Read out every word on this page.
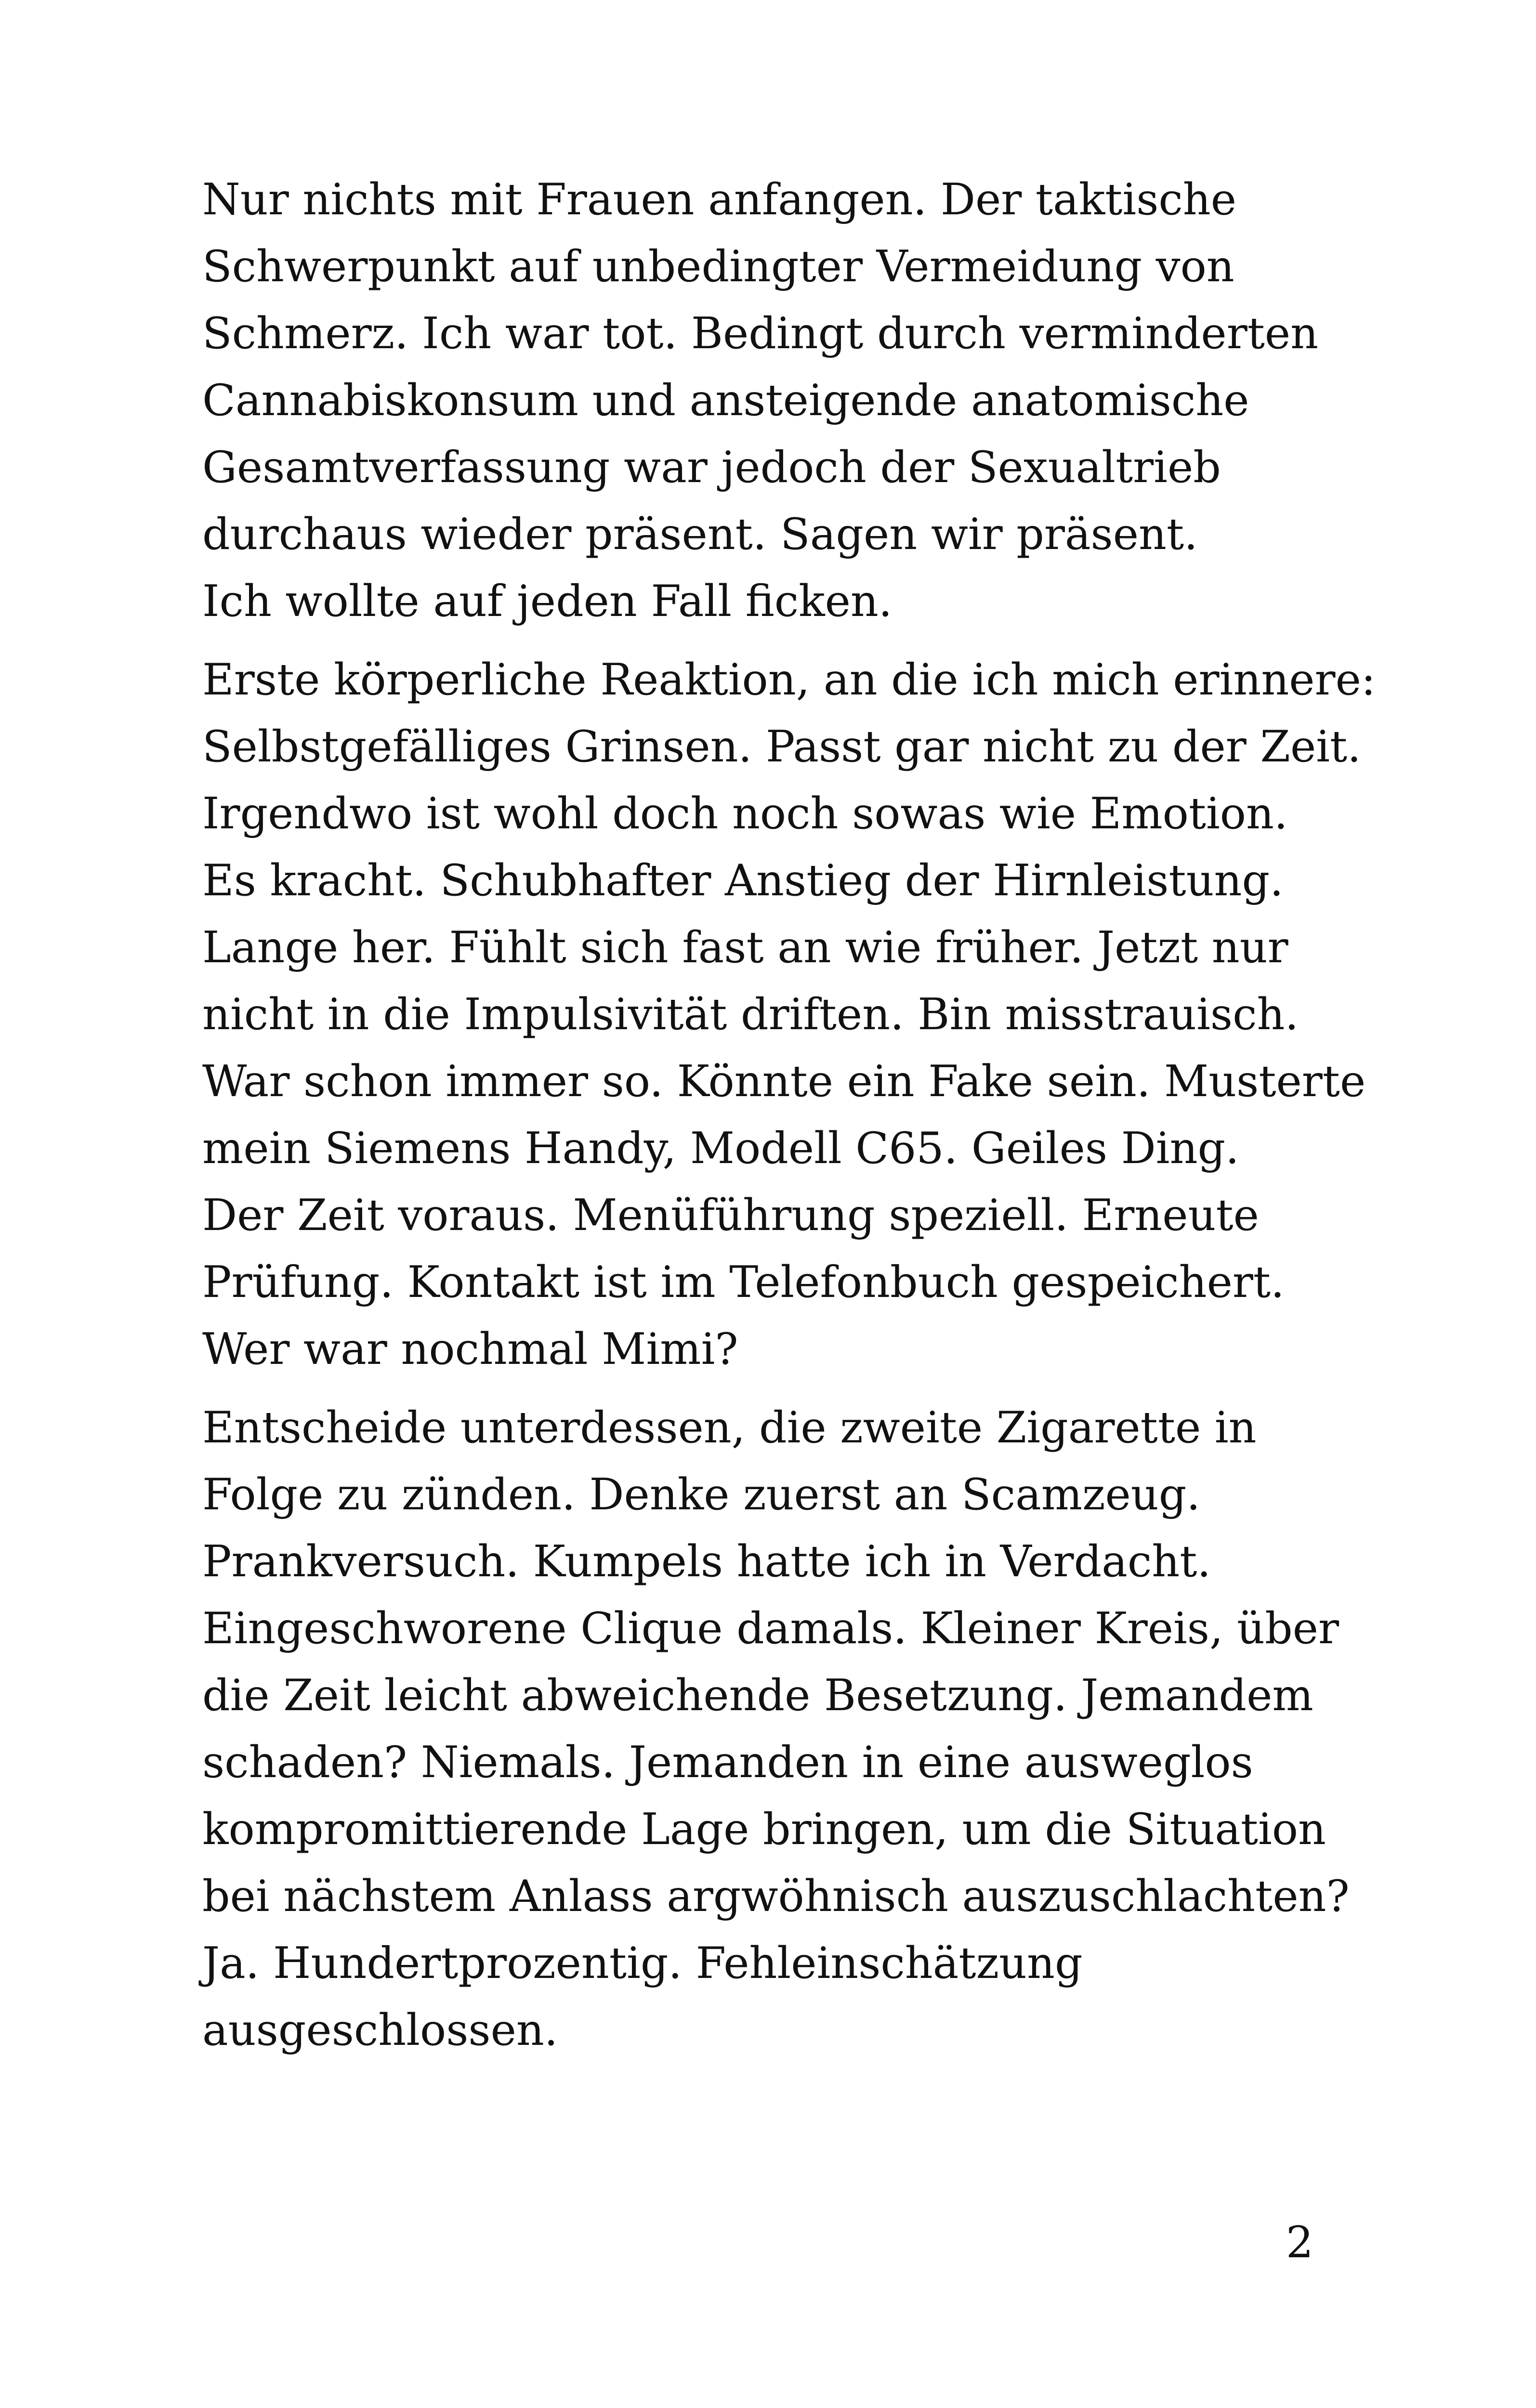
Nur nichts mit Frauen anfangen. Der taktische
Schwerpunkt auf unbedingter Vermeidung von
Schmerz. Ich war tot. Bedingt durch verminderten
Cannabiskonsum und ansteigende anatomische
Gesamtverfassung war jedoch der Sexualtrieb
durchaus wieder präsent. Sagen wir präsent.
Ich wollte auf jeden Fall ficken.

Erste körperliche Reaktion, an die ich mich erinnere:
Selbstgefälliges Grinsen. Passt gar nicht zu der Zeit.
Irgendwo ist wohl doch noch sowas wie Emotion.
Es kracht. Schubhafter Anstieg der Hirnleistung.
Lange her. Fühlt sich fast an wie früher. Jetzt nur
nicht in die Impulsivität driften. Bin misstrauisch.
War schon immer so. Könnte ein Fake sein. Musterte
mein Siemens Handy, Modell C65. Geiles Ding.
Der Zeit voraus. Menüführung speziell. Erneute
Prüfung. Kontakt ist im Telefonbuch gespeichert.
Wer war nochmal Mimi?

Entscheide unterdessen, die zweite Zigarette in
Folge zu zünden. Denke zuerst an Scamzeug.
Prankversuch. Kumpels hatte ich in Verdacht.
Eingeschworene Clique damals. Kleiner Kreis, über
die Zeit leicht abweichende Besetzung. Jemandem
schaden? Niemals. Jemanden in eine ausweglos
kompromittierende Lage bringen, um die Situation
bei nächstem Anlass argwöhnisch auszuschlachten?
Ja. Hundertprozentig. Fehleinschätzung
ausgeschlossen.

2
